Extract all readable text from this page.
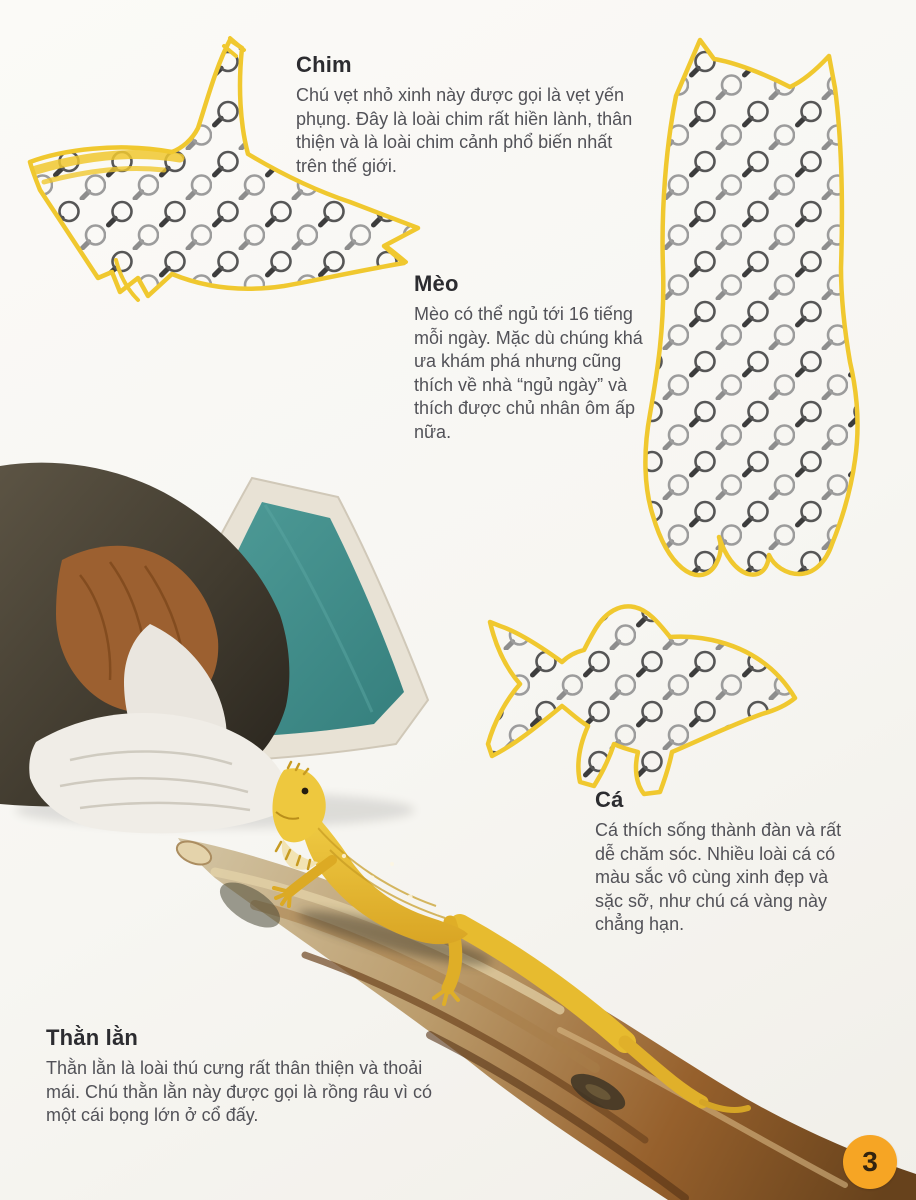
Chim

Chú vẹt nhỏ xinh này được gọi là vẹt yến phụng. Đây là loài chim rất hiền lành, thân thiện và là loài chim cảnh phổ biến nhất trên thế giới.

Mèo

Mèo có thể ngủ tới 16 tiếng mỗi ngày. Mặc dù chúng khá ưa khám phá nhưng cũng thích về nhà “ngủ ngày” và thích được chủ nhân ôm ấp nữa.

Cá

Cá thích sống thành đàn và rất dễ chăm sóc. Nhiều loài cá có màu sắc vô cùng xinh đẹp và sặc sỡ, như chú cá vàng này chẳng hạn.

Thằn lằn

Thằn lằn là loài thú cưng rất thân thiện và thoải mái. Chú thằn lằn này được gọi là rồng râu vì có một cái bọng lớn ở cổ đấy.

3
